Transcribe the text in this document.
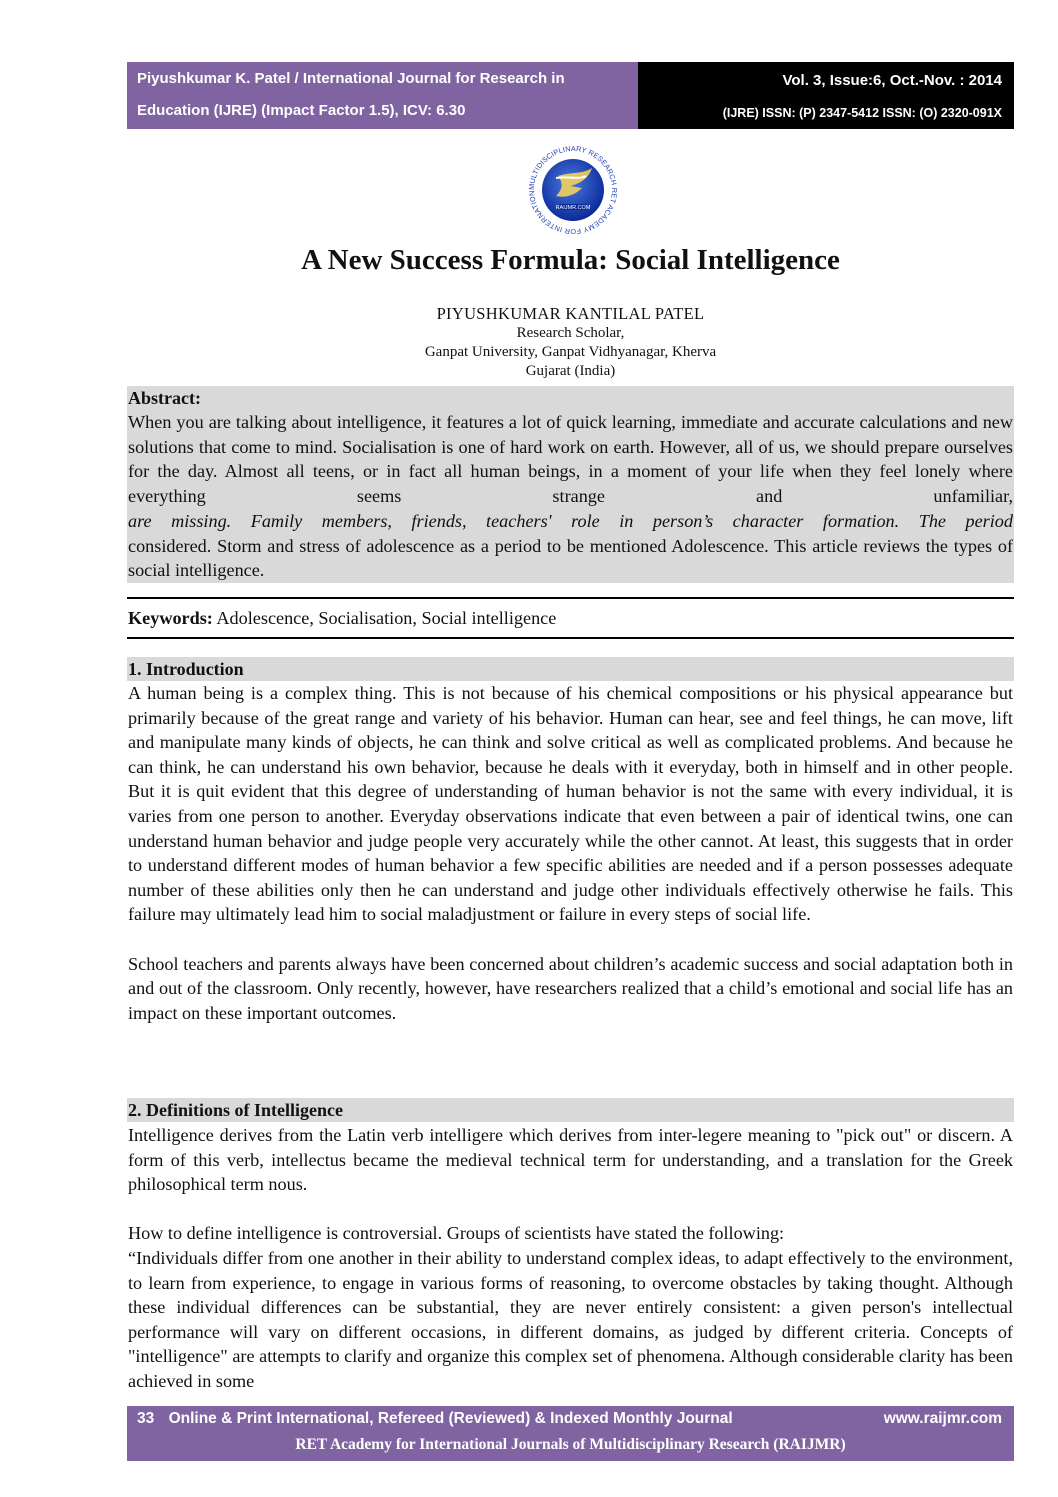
Piyushkumar K. Patel / International Journal for Research in
Education (IJRE) (Impact Factor 1.5), ICV: 6.30
Vol. 3, Issue:6, Oct.-Nov. : 2014
(IJRE) ISSN: (P) 2347-5412 ISSN: (O) 2320-091X
RAIJMR.COM
MULTIDISCIPLINARY RESEARCH RET ACADEMY FOR INTERNATION
A New Success Formula: Social Intelligence
PIYUSHKUMAR KANTILAL PATEL
Research Scholar,
Ganpat University, Ganpat Vidhyanagar, Kherva
Gujarat (India)
Abstract:

When you are talking about intelligence, it features a lot of quick learning, immediate and accurate calculations and new solutions that come to mind. Socialisation is one of hard work on earth. However, all of us, we should prepare ourselves for the day. Almost all teens, or in fact all human beings, in a moment of your life when they feel lonely where everything seems strange and unfamiliar,

are missing. Family members, friends, teachers' role in person’s character formation. The period

considered. Storm and stress of adolescence as a period to be mentioned Adolescence. This article reviews the types of social intelligence.

Keywords: Adolescence, Socialisation, Social intelligence
1. Introduction

A human being is a complex thing. This is not because of his chemical compositions or his physical appearance but primarily because of the great range and variety of his behavior. Human can hear, see and feel things, he can move, lift and manipulate many kinds of objects, he can think and solve critical as well as complicated problems. And because he can think, he can understand his own behavior, because he deals with it everyday, both in himself and in other people. But it is quit evident that this degree of understanding of human behavior is not the same with every individual, it is varies from one person to another. Everyday observations indicate that even between a pair of identical twins, one can understand human behavior and judge people very accurately while the other cannot. At least, this suggests that in order to understand different modes of human behavior a few specific abilities are needed and if a person possesses adequate number of these abilities only then he can understand and judge other individuals effectively otherwise he fails. This failure may ultimately lead him to social maladjustment or failure in every steps of social life.

School teachers and parents always have been concerned about children’s academic success and social adaptation both in and out of the classroom. Only recently, however, have researchers realized that a child’s emotional and social life has an impact on these important outcomes.

2. Definitions of Intelligence

Intelligence derives from the Latin verb intelligere which derives from inter-legere meaning to "pick out" or discern. A form of this verb, intellectus became the medieval technical term for understanding, and a translation for the Greek philosophical term nous.

How to define intelligence is controversial. Groups of scientists have stated the following:

“Individuals differ from one another in their ability to understand complex ideas, to adapt effectively to the environment, to learn from experience, to engage in various forms of reasoning, to overcome obstacles by taking thought. Although these individual differences can be substantial, they are never entirely consistent: a given person's intellectual performance will vary on different occasions, in different domains, as judged by different criteria. Concepts of "intelligence" are attempts to clarify and organize this complex set of phenomena. Although considerable clarity has been achieved in some

33 Online & Print International, Refereed (Reviewed) & Indexed Monthly Journal	www.raijmr.com
RET Academy for International Journals of Multidisciplinary Research (RAIJMR)
